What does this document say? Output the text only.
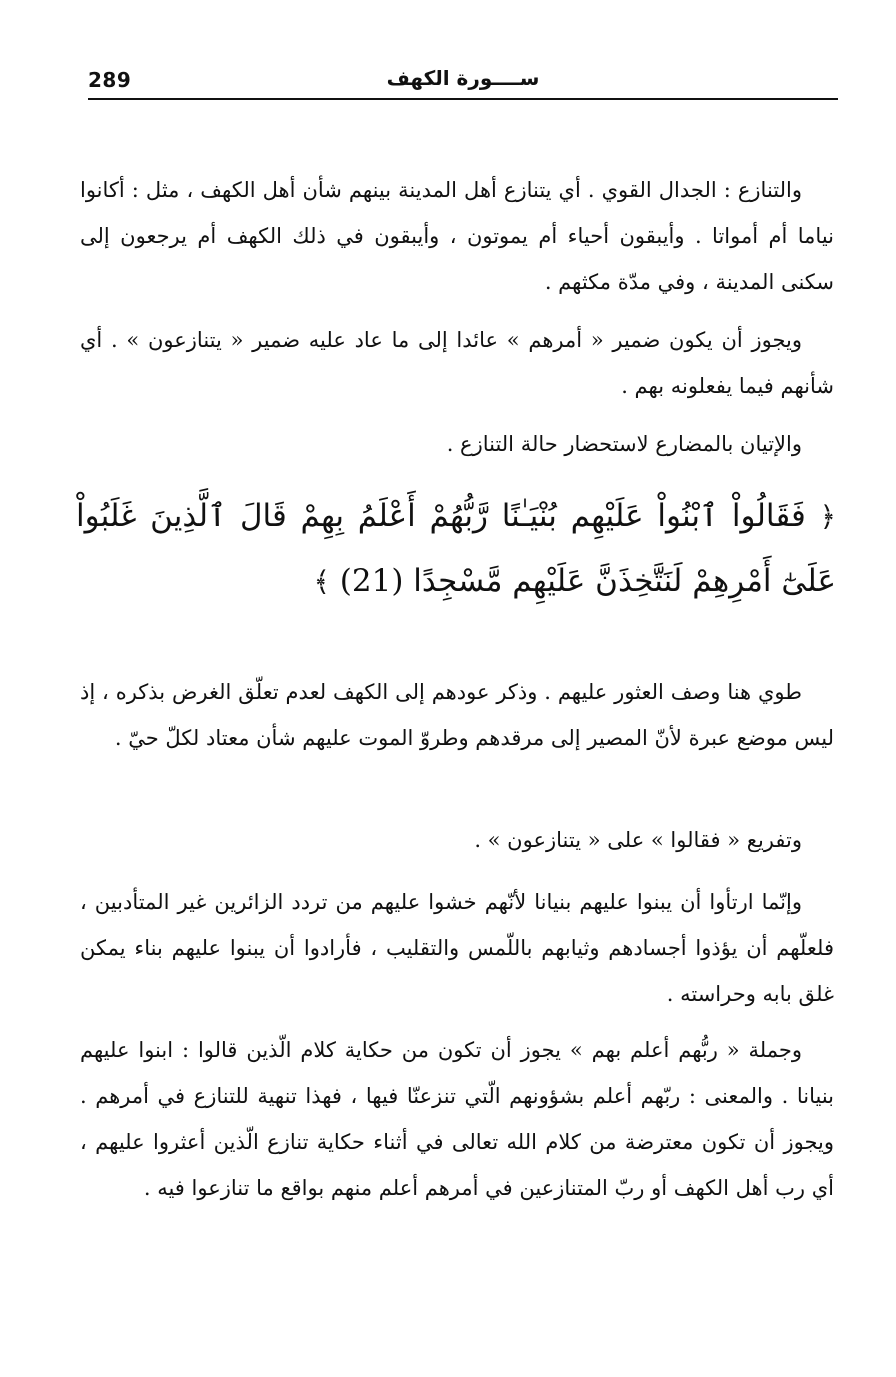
289	ســــورة الكهف

والتنازع : الجدال القوي . أي يتنازع أهل المدينة بينهم شأن أهل الكهف ، مثل : أكانوا نياما أم أمواتا . وأيبقون أحياء أم يموتون ، وأيبقون في ذلك الكهف أم يرجعون إلى سكنى المدينة ، وفي مدّة مكثهم .

ويجوز أن يكون ضمير « أمرهم » عائدا إلى ما عاد عليه ضمير « يتنازعون » . أي شأنهم فيما يفعلونه بهم .

والإتيان بالمضارع لاستحضار حالة التنازع .

﴿ فَقَالُواْ ٱبْنُواْ عَلَيْهِم بُنْيَـٰنًا رَّبُّهُمْ أَعْلَمُ بِهِمْ قَالَ ٱلَّذِينَ غَلَبُواْ عَلَىٰٓ أَمْرِهِمْ لَنَتَّخِذَنَّ عَلَيْهِم مَّسْجِدًا (21) ﴾

طوي هنا وصف العثور عليهم . وذكر عودهم إلى الكهف لعدم تعلّق الغرض بذكره ، إذ ليس موضع عبرة لأنّ المصير إلى مرقدهم وطروّ الموت عليهم شأن معتاد لكلّ حيّ .

وتفريع « فقالوا » على « يتنازعون » .

وإنّما ارتأوا أن يبنوا عليهم بنيانا لأنّهم خشوا عليهم من تردد الزائرين غير المتأدبين ، فلعلّهم أن يؤذوا أجسادهم وثيابهم باللّمس والتقليب ، فأرادوا أن يبنوا عليهم بناء يمكن غلق بابه وحراسته .

وجملة « ربُّهم أعلم بهم » يجوز أن تكون من حكاية كلام الّذين قالوا : ابنوا عليهم بنيانا . والمعنى : ربّهم أعلم بشؤونهم الّتي تنزعنّا فيها ، فهذا تنهية للتنازع في أمرهم . ويجوز أن تكون معترضة من كلام الله تعالى في أثناء حكاية تنازع الّذين أعثروا عليهم ، أي رب أهل الكهف أو ربّ المتنازعين في أمرهم أعلم منهم بواقع ما تنازعوا فيه .
